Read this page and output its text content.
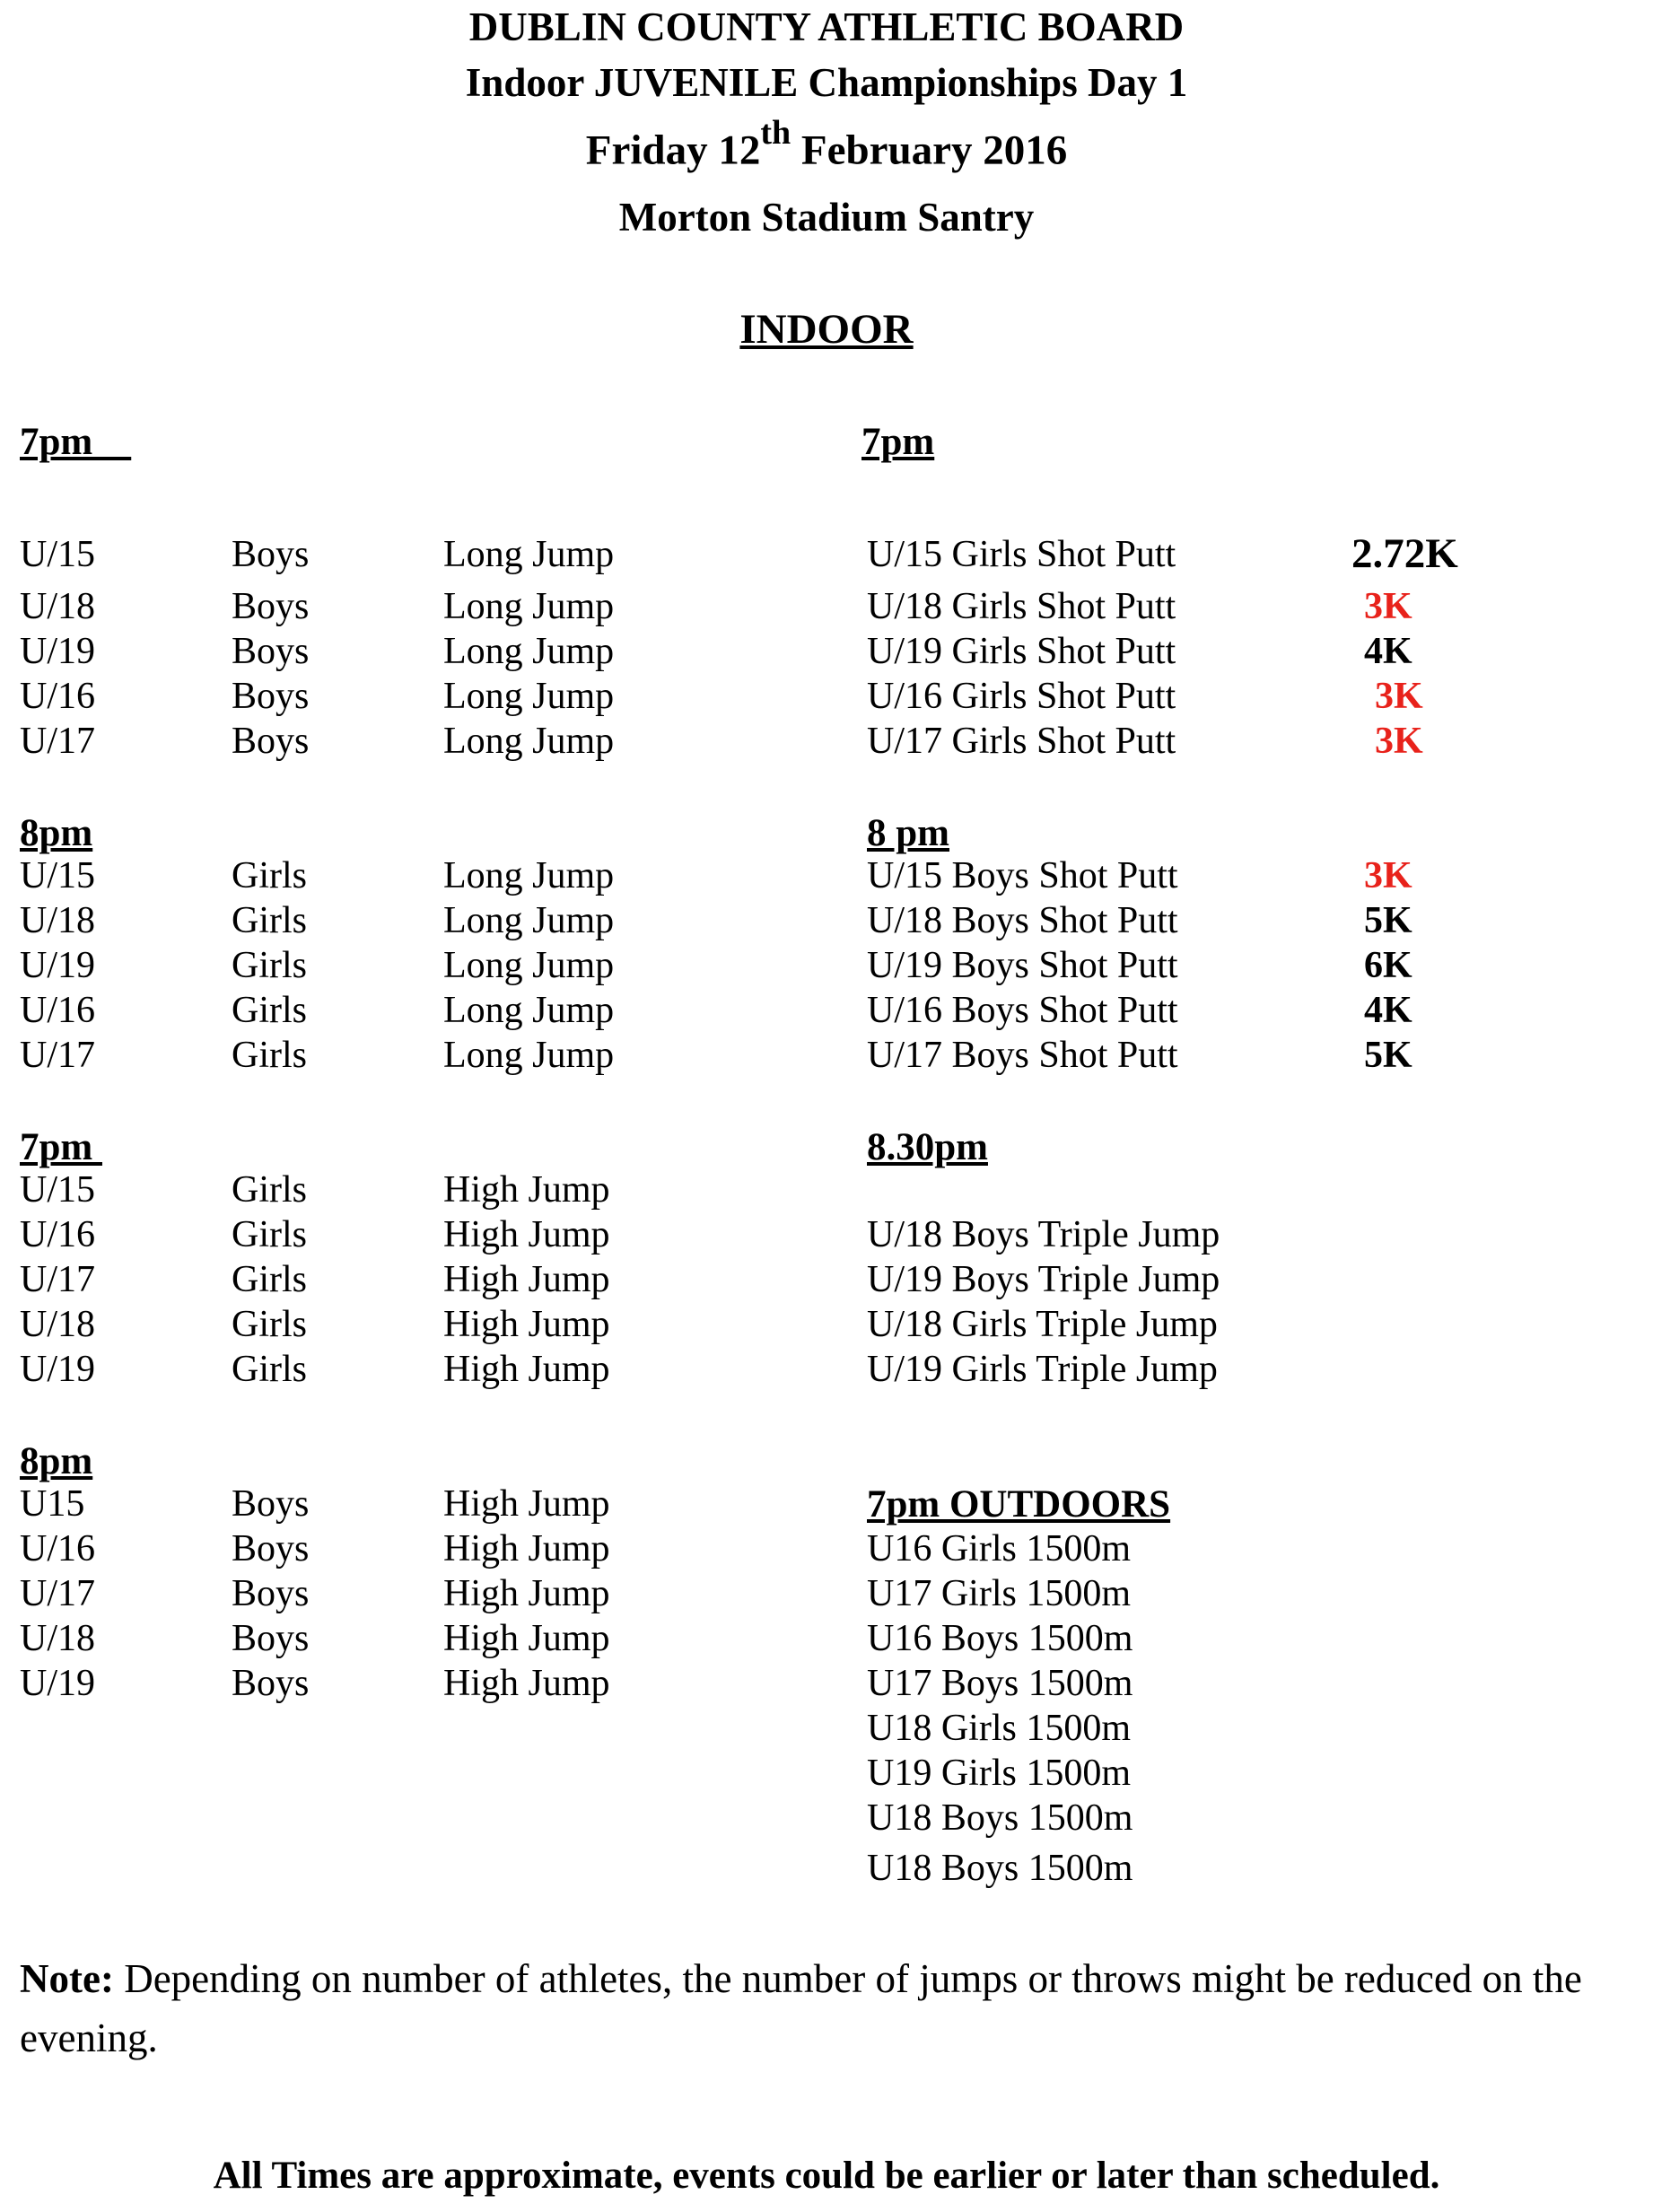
DUBLIN COUNTY ATHLETIC BOARD
Indoor JUVENILE Championships Day 1
Friday 12th February 2016
Morton Stadium Santry
INDOOR
7pm
U/15	Boys	Long Jump
U/18	Boys	Long Jump
U/19	Boys	Long Jump
U/16	Boys	Long Jump
U/17	Boys	Long Jump
8pm
U/15	Girls	Long Jump
U/18	Girls	Long Jump
U/19	Girls	Long Jump
U/16	Girls	Long Jump
U/17	Girls	Long Jump
7pm
U/15	Girls	High Jump
U/16	Girls	High Jump
U/17	Girls	High Jump
U/18	Girls	High Jump
U/19	Girls	High Jump
8pm
U15	Boys	High Jump
U/16	Boys	High Jump
U/17	Boys	High Jump
U/18	Boys	High Jump
U/19	Boys	High Jump
7pm
U/15 Girls Shot Putt	2.72K
U/18 Girls Shot Putt	3K
U/19 Girls Shot Putt	4K
U/16 Girls Shot Putt	3K
U/17 Girls Shot Putt	3K
8 pm
U/15 Boys Shot Putt	3K
U/18 Boys Shot Putt	5K
U/19 Boys Shot Putt	6K
U/16 Boys Shot Putt	4K
U/17 Boys Shot Putt	5K
8.30pm
U/18 Boys Triple Jump
U/19 Boys Triple Jump
U/18 Girls Triple Jump
U/19 Girls Triple Jump
7pm OUTDOORS
U16 Girls 1500m
U17 Girls 1500m
U16 Boys 1500m
U17 Boys 1500m
U18 Girls 1500m
U19 Girls 1500m
U18 Boys 1500m
U18 Boys 1500m
Note: Depending on number of athletes, the number of jumps or throws might be reduced on the evening.
All Times are approximate, events could be earlier or later than scheduled.
